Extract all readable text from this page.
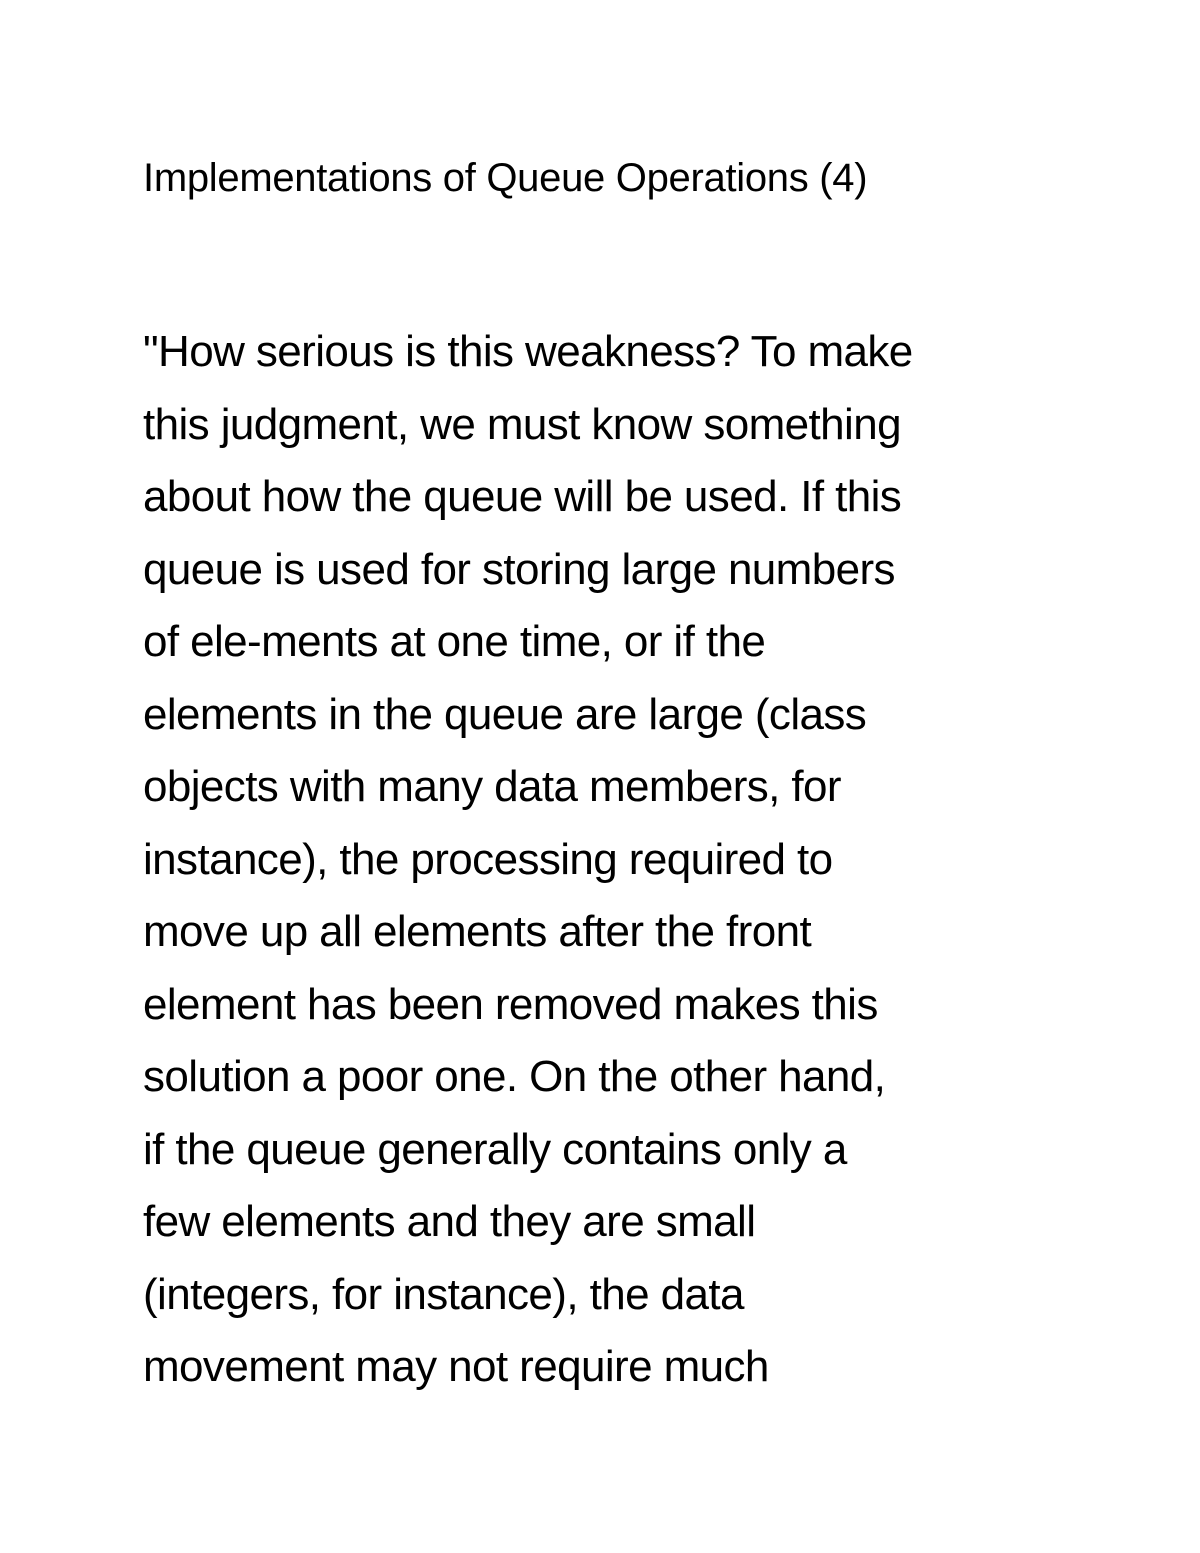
Implementations of Queue Operations (4)
"How serious is this weakness? To make
this judgment, we must know something
about how the queue will be used. If this
queue is used for storing large numbers
of ele-ments at one time, or if the
elements in the queue are large (class
objects with many data members, for
instance), the processing required to
move up all elements after the front
element has been removed makes this
solution a poor one. On the other hand,
if the queue generally contains only a
few elements and they are small
(integers, for instance), the data
movement may not require much
